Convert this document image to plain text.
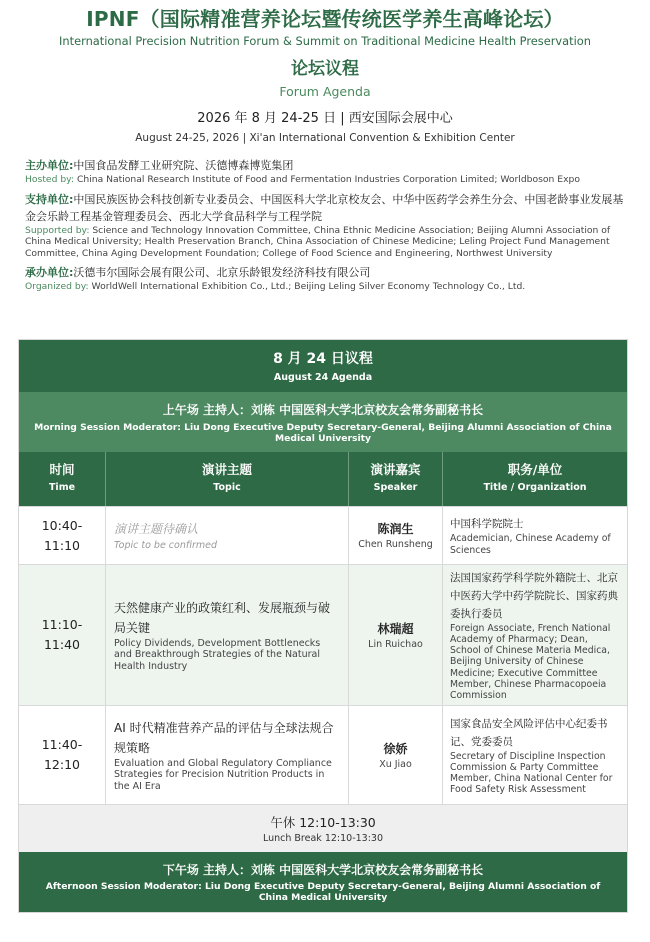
IPNF（国际精准营养论坛暨传统医学养生高峰论坛）
International Precision Nutrition Forum & Summit on Traditional Medicine Health Preservation
论坛议程
Forum Agenda
2026 年 8 月 24-25 日 | 西安国际会展中心
August 24-25, 2026 | Xi'an International Convention & Exhibition Center
主办单位:中国食品发酵工业研究院、沃德博森博览集团
Hosted by: China National Research Institute of Food and Fermentation Industries Corporation Limited; Worldboson Expo
支持单位:中国民族医协会科技创新专业委员会、中国医科大学北京校友会、中华中医药学会养生分会、中国老龄事业发展基金会乐龄工程基金管理委员会、西北大学食品科学与工程学院
Supported by: Science and Technology Innovation Committee, China Ethnic Medicine Association; Beijing Alumni Association of China Medical University; Health Preservation Branch, China Association of Chinese Medicine; Leling Project Fund Management Committee, China Aging Development Foundation; College of Food Science and Engineering, Northwest University
承办单位:沃德韦尔国际会展有限公司、北京乐龄银发经济科技有限公司
Organized by: WorldWell International Exhibition Co., Ltd.; Beijing Leling Silver Economy Technology Co., Ltd.
8 月 24 日议程
August 24 Agenda
上午场 主持人：刘栋 中国医科大学北京校友会常务副秘书长
Morning Session Moderator: Liu Dong Executive Deputy Secretary-General, Beijing Alumni Association of China Medical University
时间
Time
演讲主题
Topic
演讲嘉宾
Speaker
职务/单位
Title / Organization
10:40-
11:10
演讲主题待确认
Topic to be confirmed
陈润生
Chen Runsheng
中国科学院院士
Academician, Chinese Academy of Sciences
11:10-
11:40
天然健康产业的政策红利、发展瓶颈与破局关键
Policy Dividends, Development Bottlenecks and Breakthrough Strategies of the Natural Health Industry
林瑞超
Lin Ruichao
法国国家药学科学院外籍院士、北京中医药大学中药学院院长、国家药典委执行委员
Foreign Associate, French National Academy of Pharmacy; Dean, School of Chinese Materia Medica, Beijing University of Chinese Medicine; Executive Committee Member, Chinese Pharmacopoeia Commission
11:40-
12:10
AI 时代精准营养产品的评估与全球法规合规策略
Evaluation and Global Regulatory Compliance Strategies for Precision Nutrition Products in the AI Era
徐娇
Xu Jiao
国家食品安全风险评估中心纪委书记、党委委员
Secretary of Discipline Inspection Commission & Party Committee Member, China National Center for Food Safety Risk Assessment
午休 12:10-13:30
Lunch Break 12:10-13:30
下午场 主持人：刘栋 中国医科大学北京校友会常务副秘书长
Afternoon Session Moderator: Liu Dong Executive Deputy Secretary-General, Beijing Alumni Association of China Medical University
